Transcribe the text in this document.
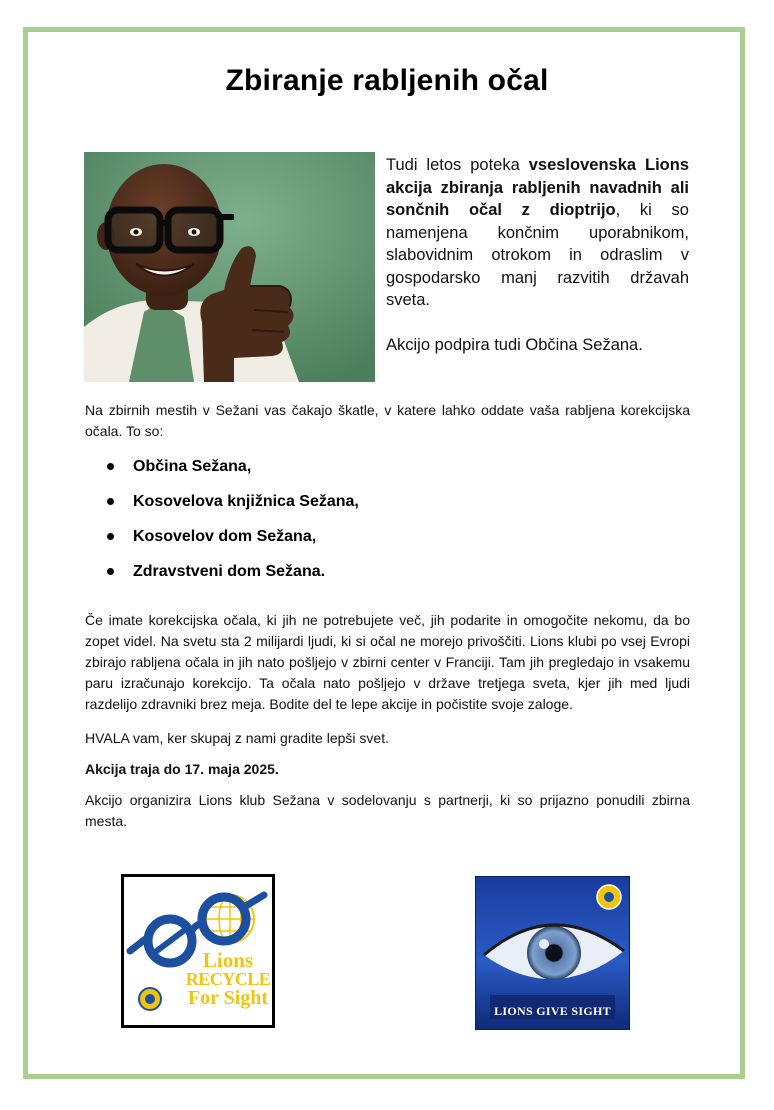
Zbiranje rabljenih očal

Tudi letos poteka vseslovenska Lions akcija zbiranja rabljenih navadnih ali sončnih očal z dioptrijo, ki so namenjena končnim uporabnikom, slabovidnim otrokom in odraslim v gospodarsko manj razvitih državah sveta.

Akcijo podpira tudi Občina Sežana.

Na zbirnih mestih v Sežani vas čakajo škatle, v katere lahko oddate vaša rabljena korekcijska očala. To so:

Občina Sežana,
Kosovelova knjižnica Sežana,
Kosovelov dom Sežana,
Zdravstveni dom Sežana.

Če imate korekcijska očala, ki jih ne potrebujete več, jih podarite in omogočite nekomu, da bo zopet videl. Na svetu sta 2 milijardi ljudi, ki si očal ne morejo privoščiti. Lions klubi po vsej Evropi zbirajo rabljena očala in jih nato pošljejo v zbirni center v Franciji. Tam jih pregledajo in vsakemu paru izračunajo korekcijo. Ta očala nato pošljejo v države tretjega sveta, kjer jih med ljudi razdelijo zdravniki brez meja. Bodite del te lepe akcije in počistite svoje zaloge.

HVALA vam, ker skupaj z nami gradite lepši svet.

Akcija traja do 17. maja 2025.

Akcijo organizira Lions klub Sežana v sodelovanju s partnerji, ki so prijazno ponudili zbirna mesta.

Lions
RECYCLE
For Sight
LIONS GIVE SIGHT
